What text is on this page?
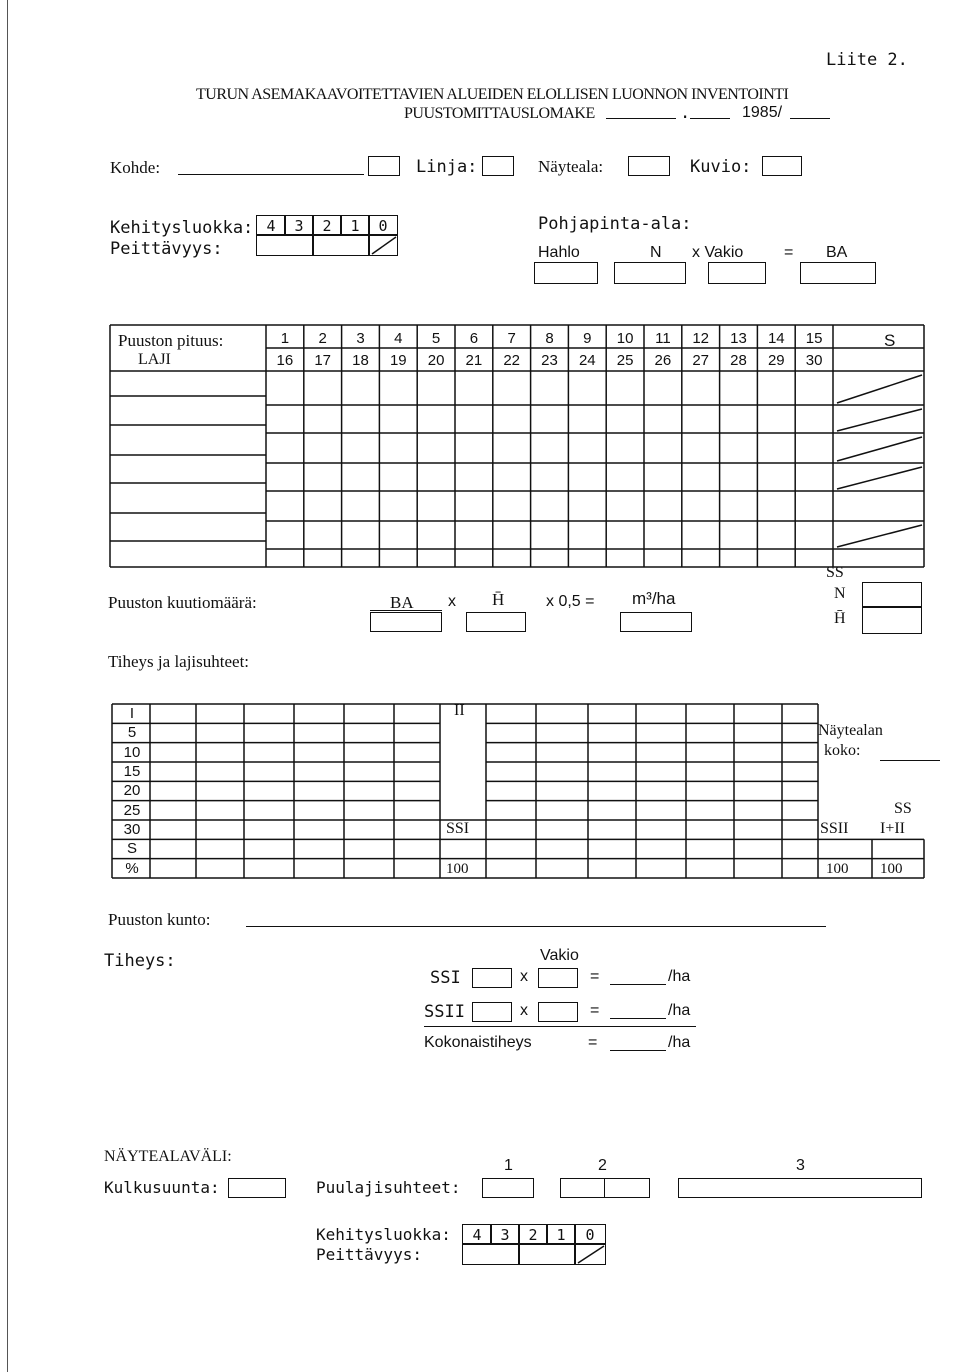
Liite 2.
TURUN ASEMAKAAVOITETTAVIEN ALUEIDEN ELOLLISEN LUONNON INVENTOINTI
PUUSTOMITTAUSLOMAKE	.	1985/
Kohde:	Linja:	Näyteala:	Kuvio:
Kehitysluokka:
Peittävyys:
4	3	2	1	0	Pohjapinta-ala:
Hahlo	N x Vakio	= BA
Puuston pituus:
LAJI
1	2	3	4	5	6	7	8	9	10	11	12	13	14	15
16	17	18	19	20	21	22	23	24	25	26	27	28	29	30
S
Puuston kuutiomäärä:	BA x H̄	x 0,5 = m³/ha
SS
N
H̄
Tiheys ja lajisuhteet:
I
5
10
15
20
25
30
S
%
II
SSI
100
Näytealan
koko:
SS
SSII I+II
100 100
Puuston kunto:
Tiheys:	Vakio
SSI	x	=	/ha
SSII	x	=	/ha
Kokonaistiheys	=	/ha
NÄYTEALAVÄLI:
Kulkusuunta:	Puulajisuhteet:
1	2	3
Kehitysluokka:
Peittävyys:
4	3	2	1	0
